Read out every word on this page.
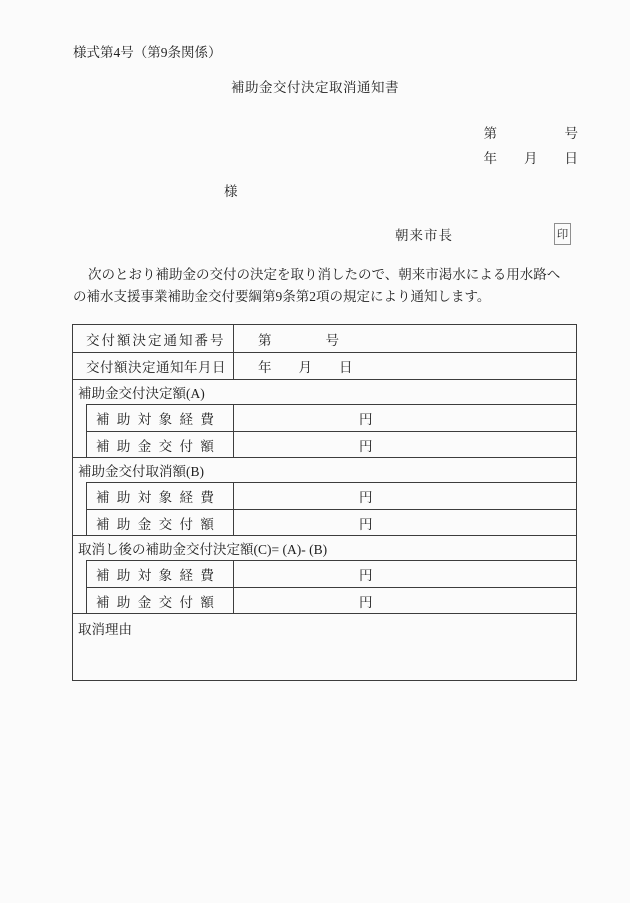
様式第4号（第9条関係）
補助金交付決定取消通知書
第　　　　　号
年　　月　　日
様
朝来市長	印
次のとおり補助金の交付の決定を取り消したので、朝来市渇水による用水路へ
の補水支援事業補助金交付要綱第9条第2項の規定により通知します。
交付額決定通知番号	第　　　　号
交付額決定通知年月日	年　　月　　日
補助金交付決定額(A)
補 助 対 象 経 費	円
補 助 金 交 付 額	円
補助金交付取消額(B)
補 助 対 象 経 費	円
補 助 金 交 付 額	円
取消し後の補助金交付決定額(C)= (A)- (B)
補 助 対 象 経 費	円
補 助 金 交 付 額	円
取消理由
